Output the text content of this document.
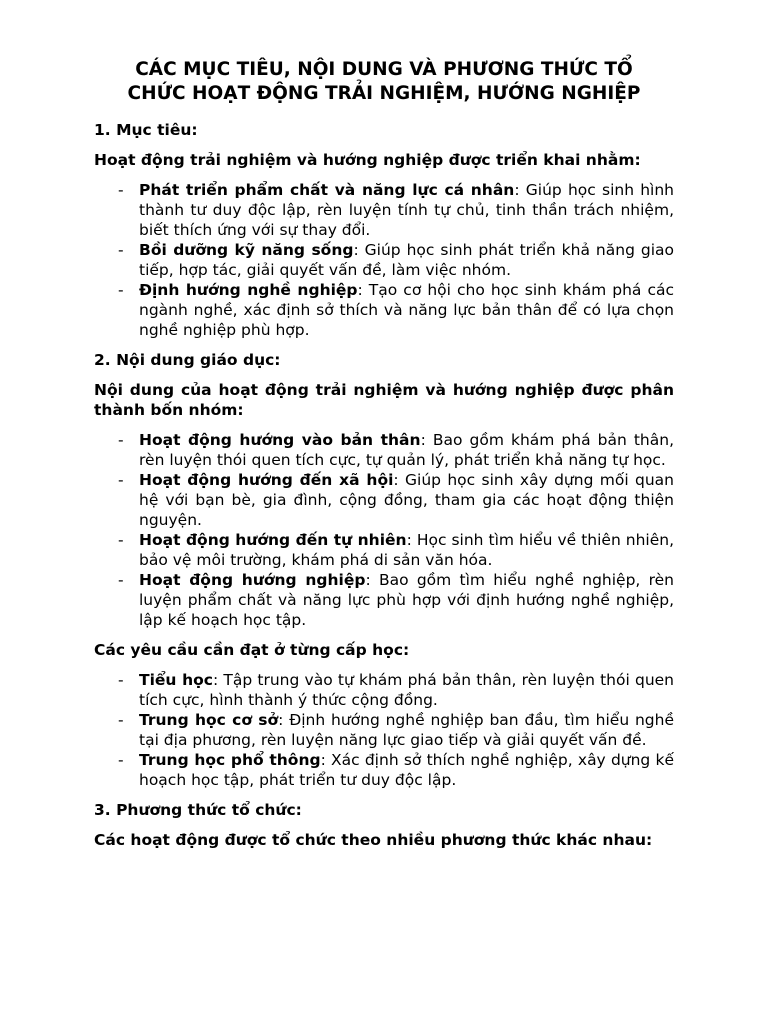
CÁC MỤC TIÊU, NỘI DUNG VÀ PHƯƠNG THỨC TỔ
CHỨC HOẠT ĐỘNG TRẢI NGHIỆM, HƯỚNG NGHIỆP
1. Mục tiêu:
Hoạt động trải nghiệm và hướng nghiệp được triển khai nhằm:
- Phát triển phẩm chất và năng lực cá nhân: Giúp học sinh hình thành tư duy độc lập, rèn luyện tính tự chủ, tinh thần trách nhiệm, biết thích ứng với sự thay đổi.
- Bồi dưỡng kỹ năng sống: Giúp học sinh phát triển khả năng giao tiếp, hợp tác, giải quyết vấn đề, làm việc nhóm.
- Định hướng nghề nghiệp: Tạo cơ hội cho học sinh khám phá các ngành nghề, xác định sở thích và năng lực bản thân để có lựa chọn nghề nghiệp phù hợp.
2. Nội dung giáo dục:
Nội dung của hoạt động trải nghiệm và hướng nghiệp được phân thành bốn nhóm:
- Hoạt động hướng vào bản thân: Bao gồm khám phá bản thân, rèn luyện thói quen tích cực, tự quản lý, phát triển khả năng tự học.
- Hoạt động hướng đến xã hội: Giúp học sinh xây dựng mối quan hệ với bạn bè, gia đình, cộng đồng, tham gia các hoạt động thiện nguyện.
- Hoạt động hướng đến tự nhiên: Học sinh tìm hiểu về thiên nhiên, bảo vệ môi trường, khám phá di sản văn hóa.
- Hoạt động hướng nghiệp: Bao gồm tìm hiểu nghề nghiệp, rèn luyện phẩm chất và năng lực phù hợp với định hướng nghề nghiệp, lập kế hoạch học tập.
Các yêu cầu cần đạt ở từng cấp học:
- Tiểu học: Tập trung vào tự khám phá bản thân, rèn luyện thói quen tích cực, hình thành ý thức cộng đồng.
- Trung học cơ sở: Định hướng nghề nghiệp ban đầu, tìm hiểu nghề tại địa phương, rèn luyện năng lực giao tiếp và giải quyết vấn đề.
- Trung học phổ thông: Xác định sở thích nghề nghiệp, xây dựng kế hoạch học tập, phát triển tư duy độc lập.
3. Phương thức tổ chức:
Các hoạt động được tổ chức theo nhiều phương thức khác nhau:
